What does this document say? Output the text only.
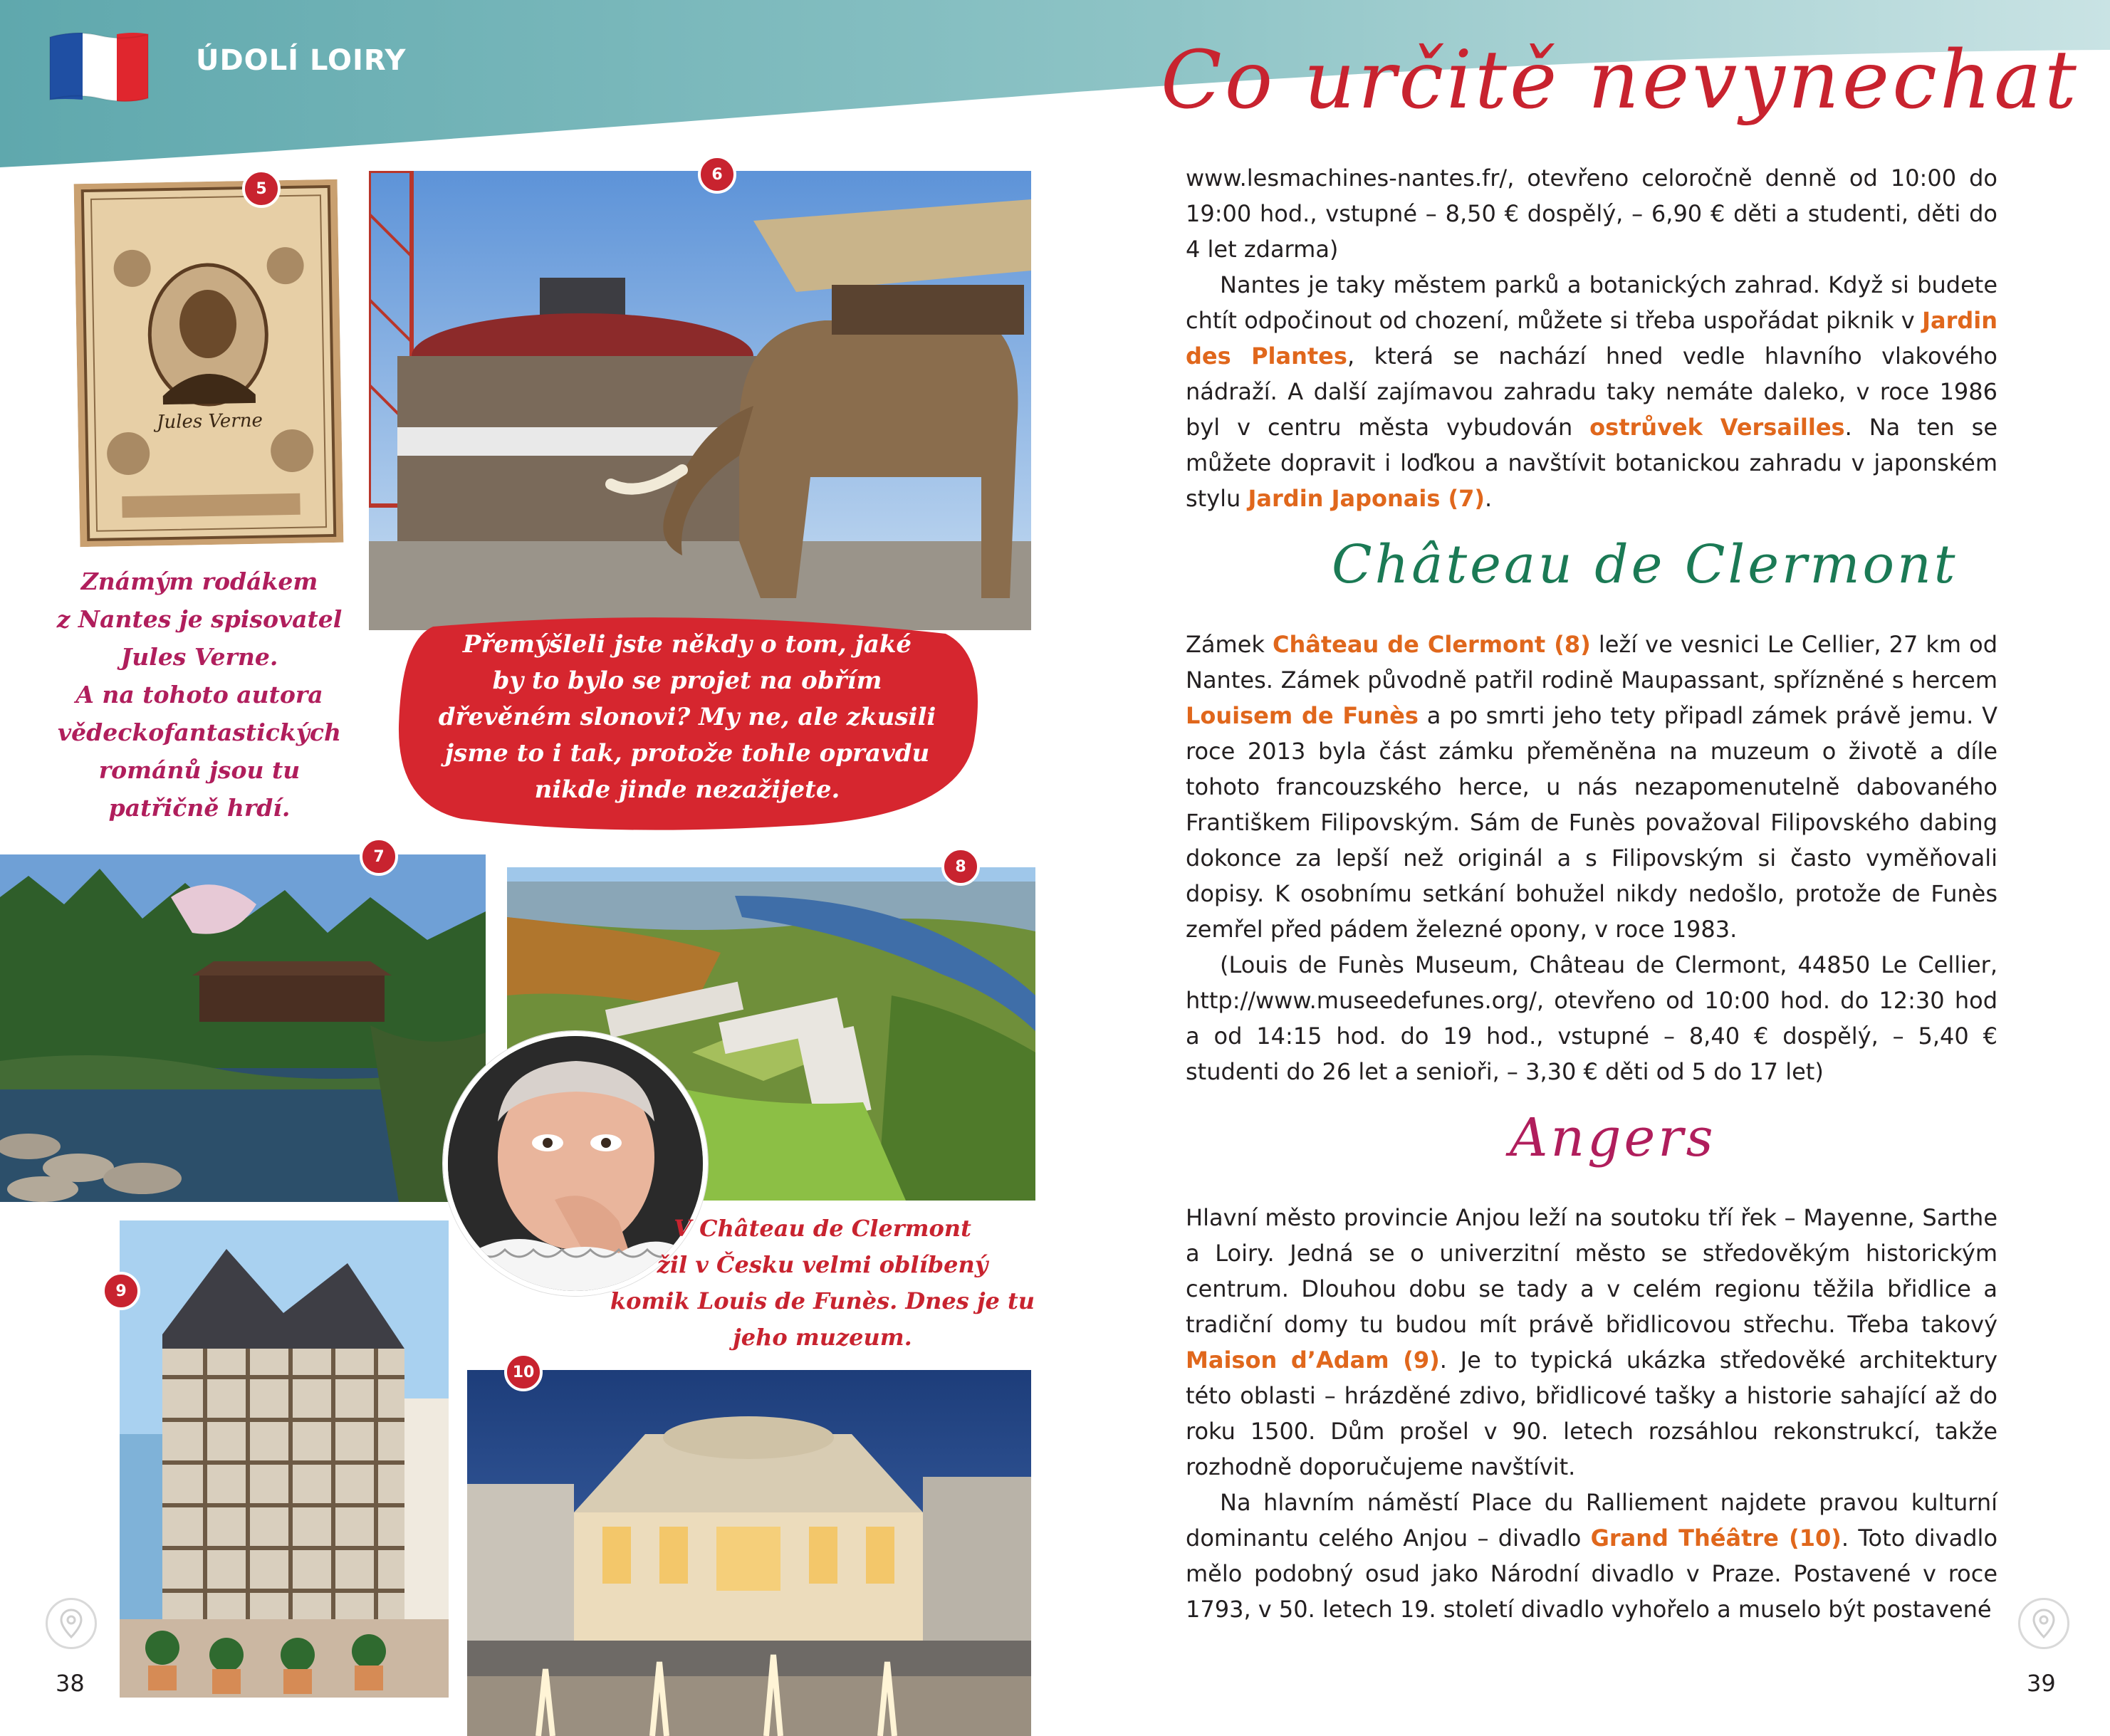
ÚDOLÍ LOIRY	Co určitě nevynechat
Jules Verne
5
6
Známým rodákem
z Nantes je spisovatel
Jules Verne.
A na tohoto autora
vědeckofantastických
románů jsou tu
patřičně hrdí.
Přemýšleli jste někdy o tom, jaké
by to bylo se projet na obřím
dřevěném slonovi? My ne, ale zkusili
jsme to i tak, protože tohle opravdu
nikde jinde nezažijete.
7
8
V Château de Clermont
žil v Česku velmi oblíbený
komik Louis de Funès. Dnes je tu
jeho muzeum.
9
10

www.lesmachines-nantes.fr/, otevřeno celoročně denně od 10:00 do 19:00 hod., vstupné – 8,50 € dospělý, – 6,90 € děti a studenti, děti do 4 let zdarma)

Nantes je taky městem parků a botanických zahrad. Když si budete chtít odpočinout od chození, můžete si třeba uspořádat piknik v Jardin des Plantes, která se nachází hned vedle hlavního vlakového nádraží. A další zajímavou zahradu taky nemáte daleko, v roce 1986 byl v centru města vybudován ostrůvek Versailles. Na ten se můžete dopravit i loďkou a navštívit botanickou zahradu v japonském stylu Jardin Japonais (7).

Château de Clermont

Zámek Château de Clermont (8) leží ve vesnici Le Cellier, 27 km od Nantes. Zámek původně patřil rodině Maupassant, spřízněné s hercem Louisem de Funès a po smrti jeho tety připadl zámek právě jemu. V roce 2013 byla část zámku přeměněna na muzeum o životě a díle tohoto francouzského herce, u nás nezapomenutelně dabovaného Františkem Filipovským. Sám de Funès považoval Filipovského dabing dokonce za lepší než originál a s Filipovským si často vyměňovali dopisy. K osobnímu setkání bohužel nikdy nedošlo, protože de Funès zemřel před pádem železné opony, v roce 1983.

(Louis de Funès Museum, Château de Clermont, 44850 Le Cellier, http://www.museedefunes.org/, otevřeno od 10:00 hod. do 12:30 hod a od 14:15 hod. do 19 hod., vstupné – 8,40 € dospělý, – 5,40 € studenti do 26 let a senioři, – 3,30 € děti od 5 do 17 let)

Angers

Hlavní město provincie Anjou leží na soutoku tří řek – Mayenne, Sarthe a Loiry. Jedná se o univerzitní město se středověkým historickým centrum. Dlouhou dobu se tady a v celém regionu těžila břidlice a tradiční domy tu budou mít právě břidlicovou střechu. Třeba takový Maison d’Adam (9). Je to typická ukázka středověké architektury této oblasti – hrázděné zdivo, břidlicové tašky a historie sahající až do roku 1500. Dům prošel v 90. letech rozsáhlou rekonstrukcí, takže rozhodně doporučujeme navštívit.

Na hlavním náměstí Place du Ralliement najdete pravou kulturní dominantu celého Anjou – divadlo Grand Théâtre (10). Toto divadlo mělo podobný osud jako Národní divadlo v Praze. Postavené v roce 1793, v 50. letech 19. století divadlo vyhořelo a muselo být postavené

38	39
